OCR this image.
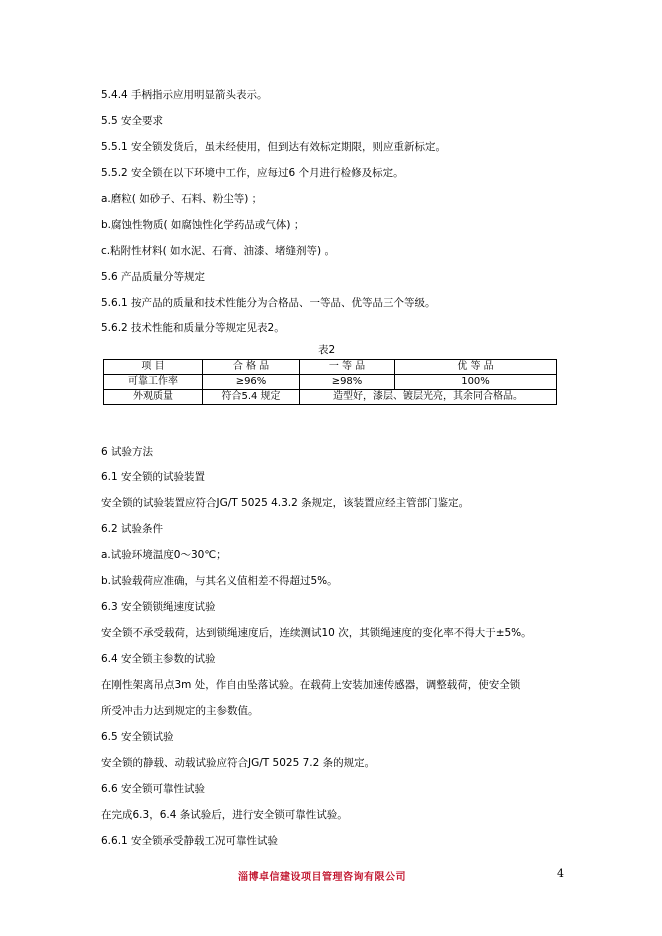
5.4.4 手柄指示应用明显箭头表示。
5.5 安全要求
5.5.1 安全锁发货后，虽未经使用，但到达有效标定期限，则应重新标定。
5.5.2 安全锁在以下环境中工作，应每过6 个月进行检修及标定。
a.磨粒( 如砂子、石料、粉尘等) ；
b.腐蚀性物质( 如腐蚀性化学药品或气体) ；
c.粘附性材料( 如水泥、石膏、油漆、堵缝剂等) 。
5.6 产品质量分等规定
5.6.1 按产品的质量和技术性能分为合格品、一等品、优等品三个等级。
5.6.2 技术性能和质量分等规定见表2。
表2
项 目	合 格 品	一 等 品	优 等 品
可靠工作率	≥96%	≥98%	100%
外观质量	符合5.4 规定	造型好，漆层、镀层光亮，其余同合格品。	
6 试验方法
6.1 安全锁的试验装置
安全锁的试验装置应符合JG/T 5025 4.3.2 条规定，该装置应经主管部门鉴定。
6.2 试验条件
a.试验环境温度0～30℃；
b.试验载荷应准确，与其名义值相差不得超过5%。
6.3 安全锁锁绳速度试验
安全锁不承受载荷，达到锁绳速度后，连续测试10 次，其锁绳速度的变化率不得大于±5%。
6.4 安全锁主参数的试验
在刚性架离吊点3m 处，作自由坠落试验。在载荷上安装加速传感器，调整载荷，使安全锁
所受冲击力达到规定的主参数值。
6.5 安全锁试验
安全锁的静载、动载试验应符合JG/T 5025 7.2 条的规定。
6.6 安全锁可靠性试验
在完成6.3，6.4 条试验后，进行安全锁可靠性试验。
6.6.1 安全锁承受静载工况可靠性试验
淄博卓信建设项目管理咨询有限公司	4
